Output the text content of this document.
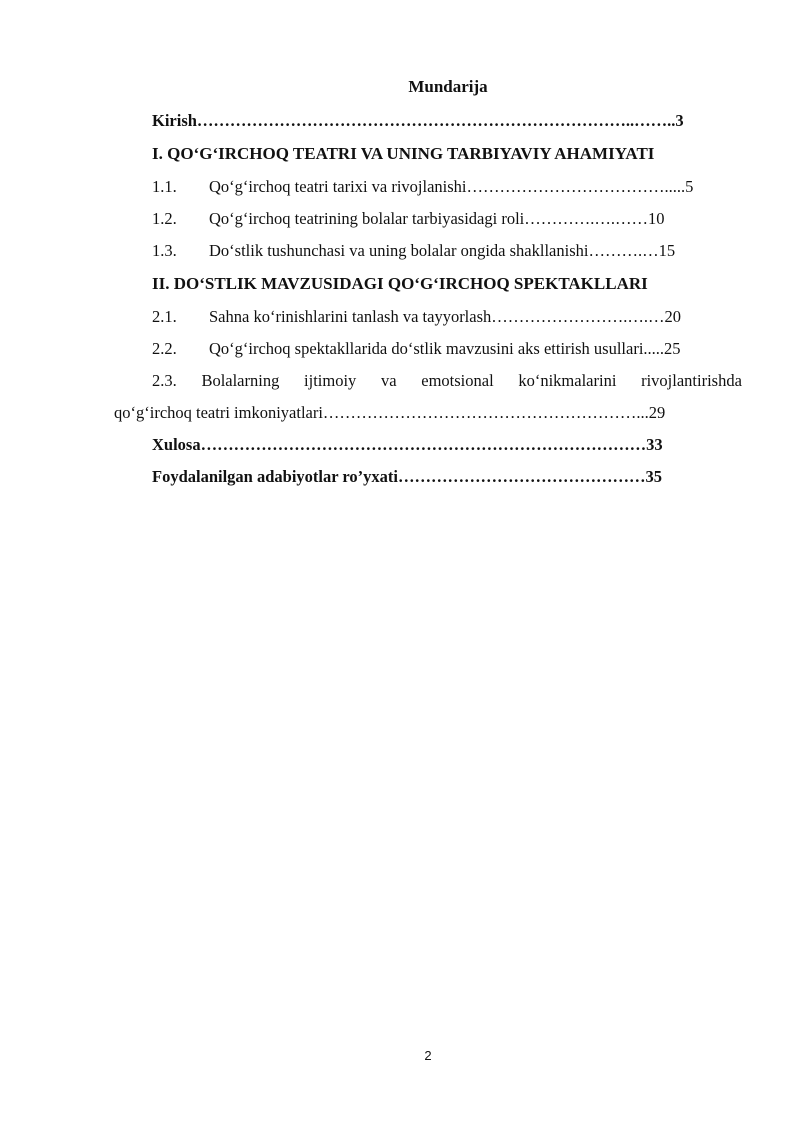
Mundarija
Kirish……………………………………………………………………..……..3
I. QO‘G‘IRCHOQ TEATRI VA UNING TARBIYAVIY AHAMIYATI
1.1. Qo‘g‘irchoq teatri tarixi va rivojlanishi……………………………….....5
1.2. Qo‘g‘irchoq teatrining bolalar tarbiyasidagi roli………….….……10
1.3. Do‘stlik tushunchasi va uning bolalar ongida shakllanishi……….…15
II. DO‘STLIK MAVZUSIDAGI QO‘G‘IRCHOQ SPEKTAKLLARI
2.1. Sahna ko‘rinishlarini tanlash va tayyorlash…………………….….…20
2.2. Qo‘g‘irchoq spektakllarida do‘stlik mavzusini aks ettirish usullari.....25
2.3. Bolalarning ijtimoiy va emotsional ko‘nikmalarini rivojlantirishda
qo‘g‘irchoq teatri imkoniyatlari…………………………………………………...29
Xulosa………………………………………………………………………33
Foydalanilgan adabiyotlar ro’yxati………………………………………35
2
